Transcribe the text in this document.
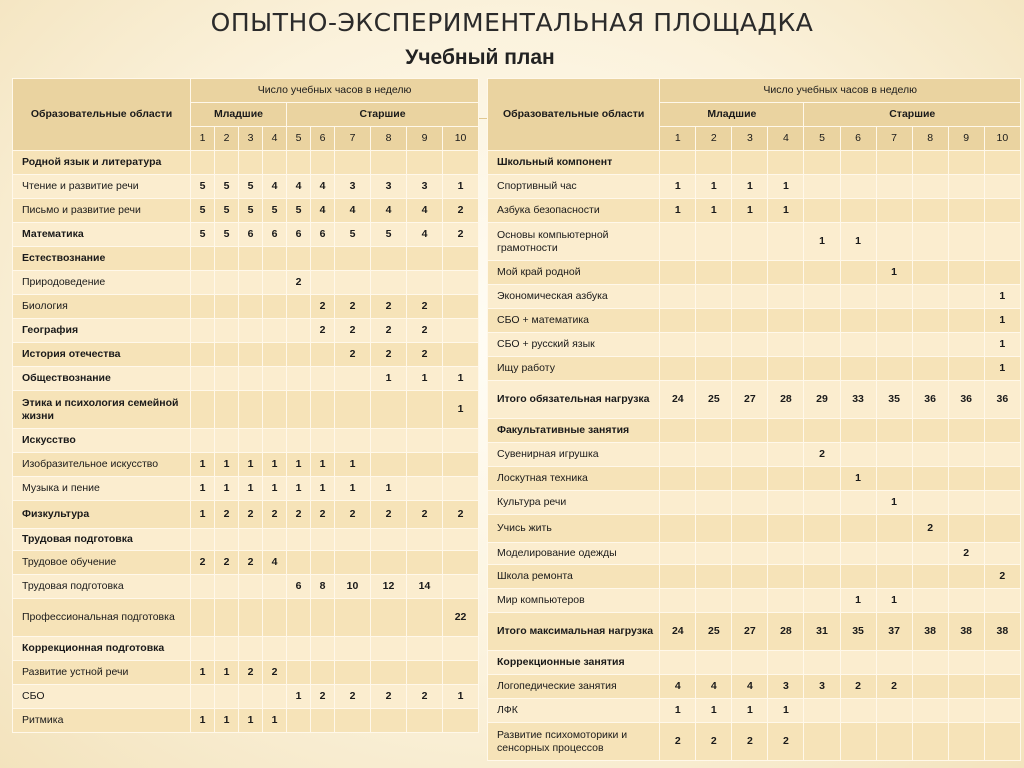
ОПЫТНО-ЭКСПЕРИМЕНТАЛЬНАЯ ПЛОЩАДКА
Учебный план
Образовательные области	Число учебных часов в неделю									
	Младшие				Старшие					
	1	2	3	4	5	6	7	8	9	10
Родной язык и литература										
Чтение и развитие речи	5	5	5	4	4	4	3	3	3	1
Письмо и развитие речи	5	5	5	5	5	4	4	4	4	2
Математика	5	5	6	6	6	6	5	5	4	2
Естествознание										
Природоведение					2					
Биология						2	2	2	2	
География						2	2	2	2	
История отечества							2	2	2	
Обществознание								1	1	1
Этика и психология семейной жизни										1
Искусство										
Изобразительное искусство	1	1	1	1	1	1	1			
Музыка и пение	1	1	1	1	1	1	1	1		
Физкультура	1	2	2	2	2	2	2	2	2	2
Трудовая подготовка										
Трудовое обучение	2	2	2	4						
Трудовая подготовка					6	8	10	12	14	
Профессиональная подготовка										22
Коррекционная подготовка										
Развитие устной речи	1	1	2	2						
СБО					1	2	2	2	2	1
Ритмика	1	1	1	1						
Образовательные области	Число учебных часов в неделю									
	Младшие				Старшие					
	1	2	3	4	5	6	7	8	9	10
Школьный компонент										
Спортивный час	1	1	1	1						
Азбука безопасности	1	1	1	1						
Основы компьютерной грамотности					1	1				
Мой край родной							1			
Экономическая азбука										1
СБО + математика										1
СБО + русский язык										1
Ищу работу										1
Итого обязательная нагрузка	24	25	27	28	29	33	35	36	36	36
Факультативные занятия										
Сувенирная игрушка					2					
Лоскутная техника						1				
Культура речи							1			
Учись жить								2		
Моделирование одежды									2	
Школа ремонта										2
Мир компьютеров						1	1			
Итого максимальная нагрузка	24	25	27	28	31	35	37	38	38	38
Коррекционные занятия										
Логопедические занятия	4	4	4	3	3	2	2			
ЛФК	1	1	1	1						
Развитие психомоторики и сенсорных процессов	2	2	2	2						
